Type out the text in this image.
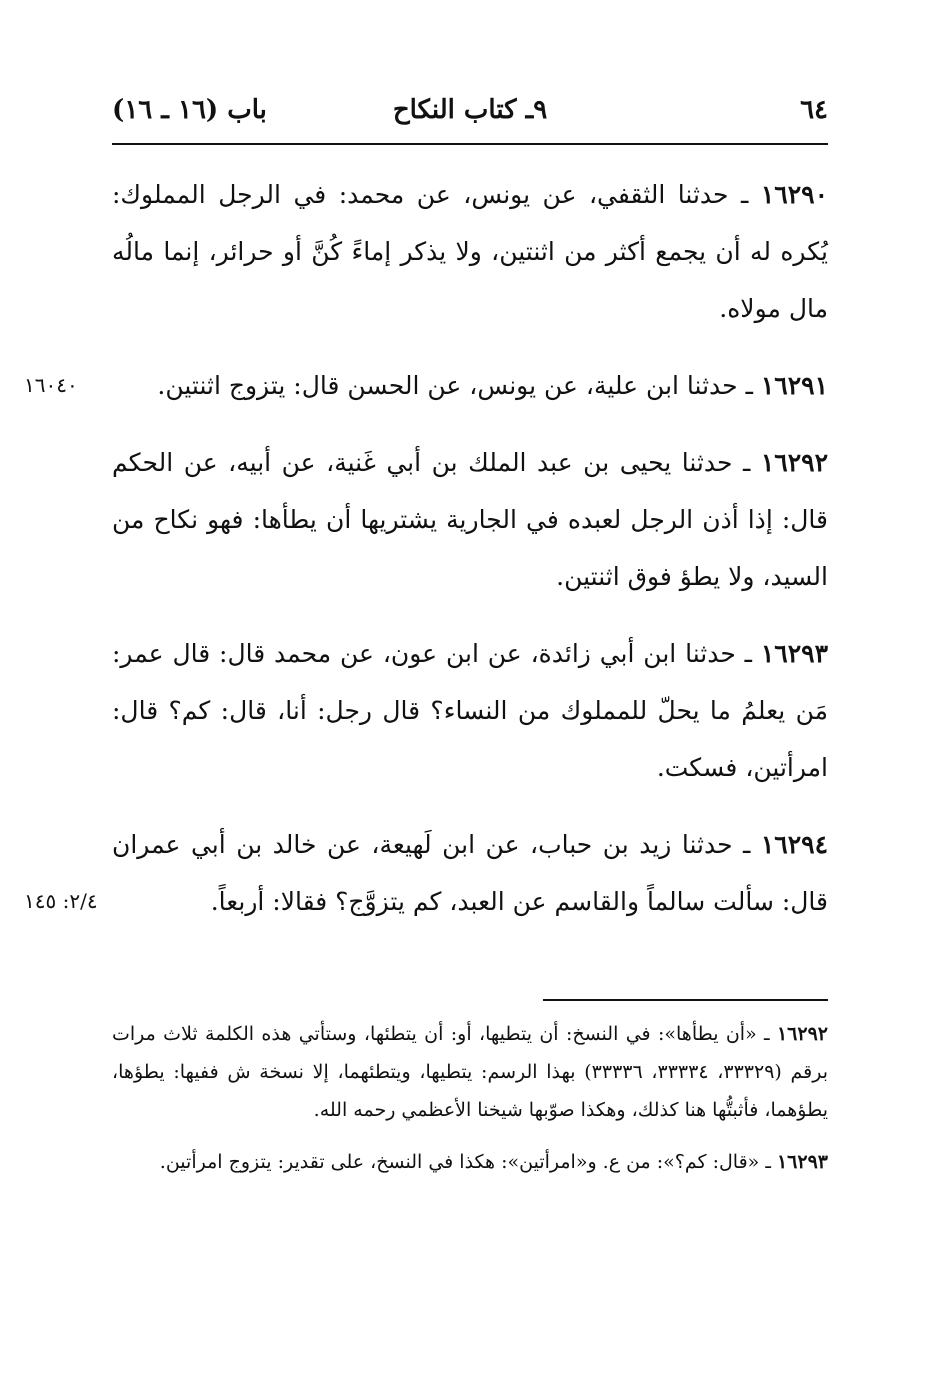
٦٤
٩ـ كتاب النكاح
باب (١٦ ـ ١٦)

١٦٢٩٠ ـ حدثنا الثقفي، عن يونس، عن محمد: في الرجل المملوك: يُكره له أن يجمع أكثر من اثنتين، ولا يذكر إماءً كُنَّ أو حرائر، إنما مالُه مال مولاه.

١٦٠٤٠	١٦٢٩١ ـ حدثنا ابن علية، عن يونس، عن الحسن قال: يتزوج اثنتين.

١٦٢٩٢ ـ حدثنا يحيى بن عبد الملك بن أبي غَنية، عن أبيه، عن الحكم قال: إذا أذن الرجل لعبده في الجارية يشتريها أن يطأها: فهو نكاح من السيد، ولا يطؤ فوق اثنتين.

١٦٢٩٣ ـ حدثنا ابن أبي زائدة، عن ابن عون، عن محمد قال: قال عمر: مَن يعلمُ ما يحلّ للمملوك من النساء؟ قال رجل: أنا، قال: كم؟ قال: امرأتين، فسكت.

٢/٤: ١٤٥
١٦٢٩٤ ـ حدثنا زيد بن حباب، عن ابن لَهيعة، عن خالد بن أبي عمران قال: سألت سالماً والقاسم عن العبد، كم يتزوَّج؟ فقالا: أربعاً.

١٦٢٩٢ ـ «أن يطأها»: في النسخ: أن يتطيها، أو: أن يتطئها، وستأتي هذه الكلمة ثلاث مرات برقم (٣٣٣٢٩، ٣٣٣٣٤، ٣٣٣٣٦) بهذا الرسم: يتطيها، ويتطئهما، إلا نسخة ش ففيها: يطؤها، يطؤهما، فأثبتُّها هنا كذلك، وهكذا صوّبها شيخنا الأعظمي رحمه الله.

١٦٢٩٣ ـ «قال: كم؟»: من ع. و«امرأتين»: هكذا في النسخ، على تقدير: يتزوج امرأتين.
